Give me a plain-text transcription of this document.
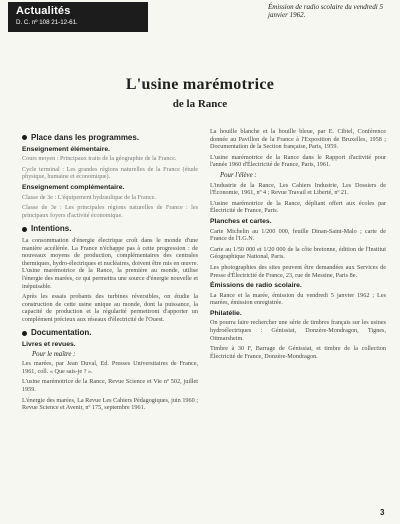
Actualités
D. C. nº 108 21-12-61.
Émission de radio scolaire du vendredi 5 janvier 1962.
L'usine marémotrice
de la Rance
Place dans les programmes.
Enseignement élémentaire.

Cours moyen : Principaux traits de la géographie de la France.

Cycle terminal : Les grandes régions naturelles de la France (étude physique, humaine et économique).

Enseignement complémentaire.

Classe de 3e : L'équipement hydraulique de la France.

Classe de 3e : Les principales régions naturelles de France : les principaux foyers d'activité économique.

Intentions.

La consommation d'énergie électrique croît dans le monde d'une manière accélérée. La France n'échappe pas à cette progression : de nouveaux moyens de production, complémentaires des centrales thermiques, hydro-électriques et nucléaires, doivent être mis en œuvre. L'usine marémotrice de la Rance, la première au monde, utilise l'énergie des marées, ce qui permettra une source d'énergie nouvelle et inépuisable.

Après les essais probants des turbines réversibles, on étudie la construction de cette usine unique au monde, dont la puissance, la capacité de production et la régularité permettront d'apporter un complément précieux aux réseaux d'électricité de l'Ouest.

Documentation.
Livres et revues.
Pour le maître :

Les marées, par Jean Duval, Ed. Presses Universitaires de France, 1961, coll. « Que sais-je ? ».

L'usine marémotrice de la Rance, Revue Science et Vie nº 502, juillet 1959.

L'énergie des marées, La Revue Les Cahiers Pédagogiques, juin 1960 ; Revue Science et Avenir, nº 175, septembre 1961.

La houille blanche et la houille bleue, par E. Cibiel, Conférence donnée au Pavillon de la France à l'Exposition de Bruxelles, 1958 ; Documentation de la Section française, Paris, 1959.

L'usine marémotrice de la Rance dans le Rapport d'activité pour l'année 1960 d'Électricité de France, Paris, 1961.

Pour l'élève :

L'industrie de la Rance, Les Cahiers Industrie, Les Dossiers de l'Économie, 1961, nº 4 ; Revue Travail et Liberté, nº 21.

L'usine marémotrice de la Rance, dépliant offert aux écoles par Électricité de France, Paris.

Planches et cartes.

Carte Michelin au 1/200 000, feuille Dinan-Saint-Malo ; carte de France de l'I.G.N.

Carte au 1/50 000 et 1/20 000 de la côte bretonne, édition de l'Institut Géographique National, Paris.

Les photographies des sites peuvent être demandées aux Services de Presse d'Électricité de France, 23, rue de Messine, Paris 8e.

Émissions de radio scolaire.

La Rance et la marée, émission du vendredi 5 janvier 1962 ; Les marées, émission enregistrée.

Philatélie.

On pourra faire rechercher une série de timbres français sur les usines hydroélectriques : Génissiat, Donzère-Mondragon, Tignes, Ottmarsheim.

Timbre à 30 F, Barrage de Génissiat, et timbre de la collection Électricité de France, Donzère-Mondragon.

3
